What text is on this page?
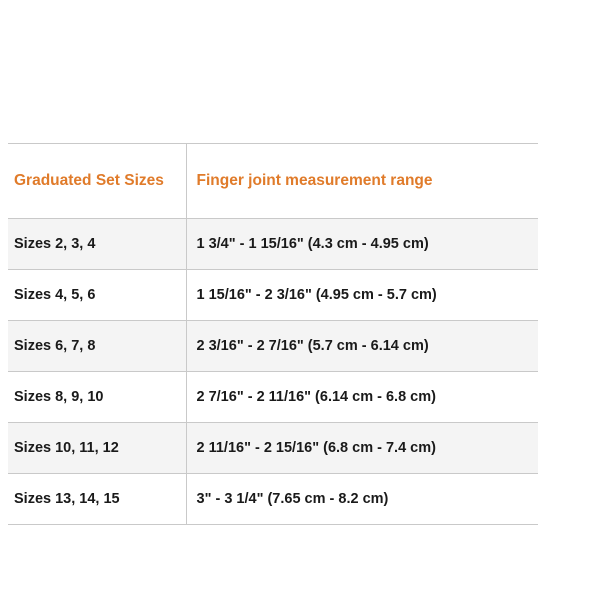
Graduated Set Sizes	Finger joint measurement range
Sizes 2, 3, 4	1 3/4" - 1 15/16" (4.3 cm - 4.95 cm)
Sizes 4, 5, 6	1 15/16" - 2 3/16" (4.95 cm - 5.7 cm)
Sizes 6, 7, 8	2 3/16" - 2 7/16" (5.7 cm - 6.14 cm)
Sizes 8, 9, 10	2 7/16" - 2 11/16" (6.14 cm - 6.8 cm)
Sizes 10, 11, 12	2 11/16" - 2 15/16" (6.8 cm - 7.4 cm)
Sizes 13, 14, 15	3" - 3 1/4" (7.65 cm - 8.2 cm)
